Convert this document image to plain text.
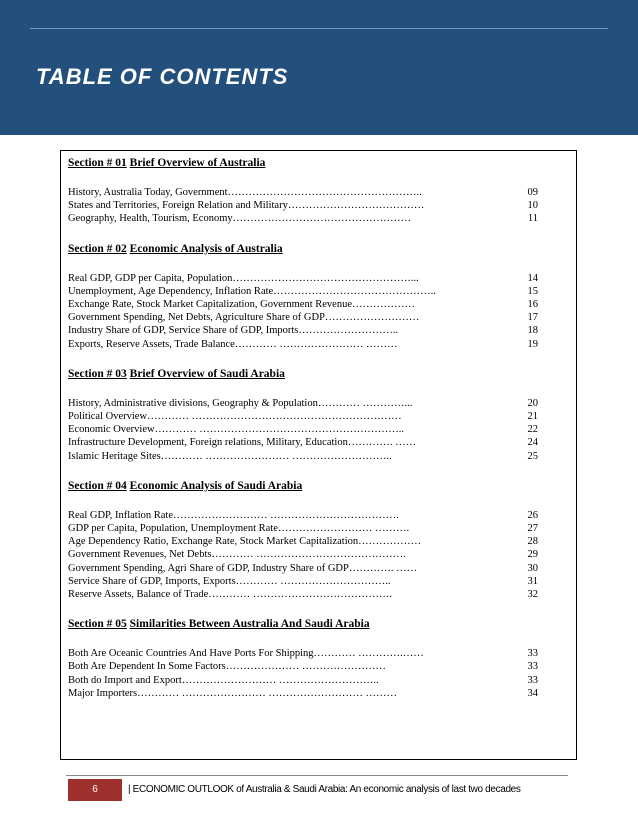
TABLE OF CONTENTS
Section # 01 Brief Overview of Australia
History, Australia Today, Government………………………………………………..	09
States and Territories, Foreign Relation and Military…………………………………	10
Geography, Health, Tourism, Economy……………………………………………	11
Section # 02 Economic Analysis of Australia
Real GDP, GDP per Capita, Population……………………………………………...	14
Unemployment, Age Dependency, Inflation Rate………………………………………..	15
Exchange Rate, Stock Market Capitalization, Government Revenue………………	16
Government Spending, Net Debts, Agriculture Share of GDP………………………	17
Industry Share of GDP, Service Share of GDP, Imports………………………..	18
Exports, Reserve Assets, Trade Balance………… …………………… ………	19
Section # 03 Brief Overview of Saudi Arabia
History, Administrative divisions, Geography & Population………… …………...	20
Political Overview………… ……………………………………………………	21
Economic Overview………… …………………………………………………..	22
Infrastructure Development, Foreign relations, Military, Education…………. ……	24
Islamic Heritage Sites………… …………………… ………………………..	25
Section # 04 Economic Analysis of Saudi Arabia
Real GDP, Inflation Rate……………………… ……………………………….	26
GDP per Capita, Population, Unemployment Rate……………………… ……….	27
Age Dependency Ratio, Exchange Rate, Stock Market Capitalization………………	28
Government Revenues, Net Debts………… …………………………………….	29
Government Spending, Agri Share of GDP, Industry Share of GDP…………. ……	30
Service Share of GDP, Imports, Exports………… …………………………..	31
Reserve Assets, Balance of Trade………… ………………………………….	32
Section # 05 Similarities Between Australia And Saudi Arabia
Both Are Oceanic Countries And Have Ports For Shipping………… ………….……	33
Both Are Dependent In Some Factors………………… ……………………	33
Both do Import and Export……………………… ………………………..	33
Major Importers………… …………………… ……………………… ………	34
6	| ECONOMIC OUTLOOK of Australia & Saudi Arabia: An economic analysis of last two decades
